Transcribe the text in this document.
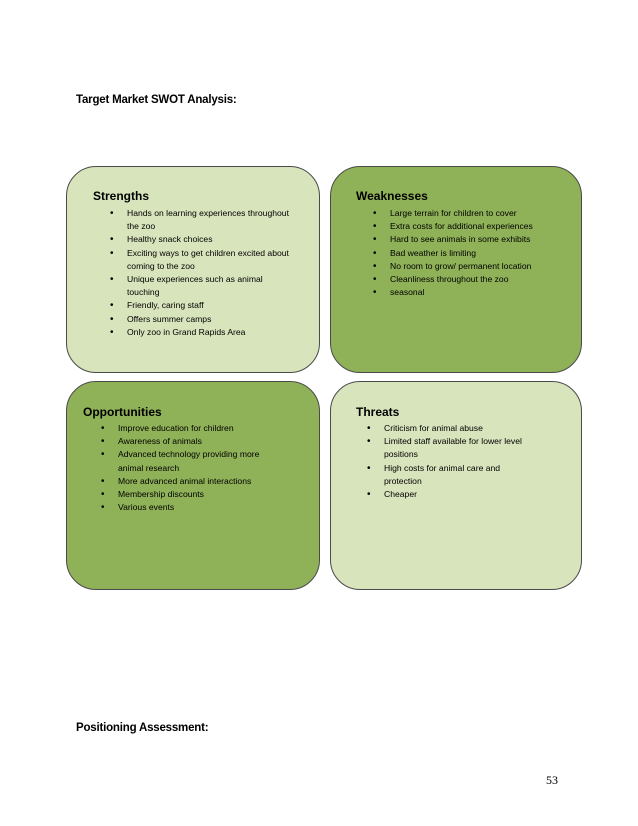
Target Market SWOT Analysis:
Strengths
• Hands on learning experiences throughout the zoo
• Healthy snack choices
• Exciting ways to get children excited about coming to the zoo
• Unique experiences such as animal touching
• Friendly, caring staff
• Offers summer camps
• Only zoo in Grand Rapids Area
Weaknesses
• Large terrain for children to cover
• Extra costs for additional experiences
• Hard to see animals in some exhibits
• Bad weather is limiting
• No room to grow/ permanent location
• Cleanliness throughout the zoo
• seasonal
Opportunities
• Improve education for children
• Awareness of animals
• Advanced technology providing more animal research
• More advanced animal interactions
• Membership discounts
• Various events
Threats
• Criticism for animal abuse
• Limited staff available for lower level positions
• High costs for animal care and protection
• Cheaper
Positioning Assessment:
53
